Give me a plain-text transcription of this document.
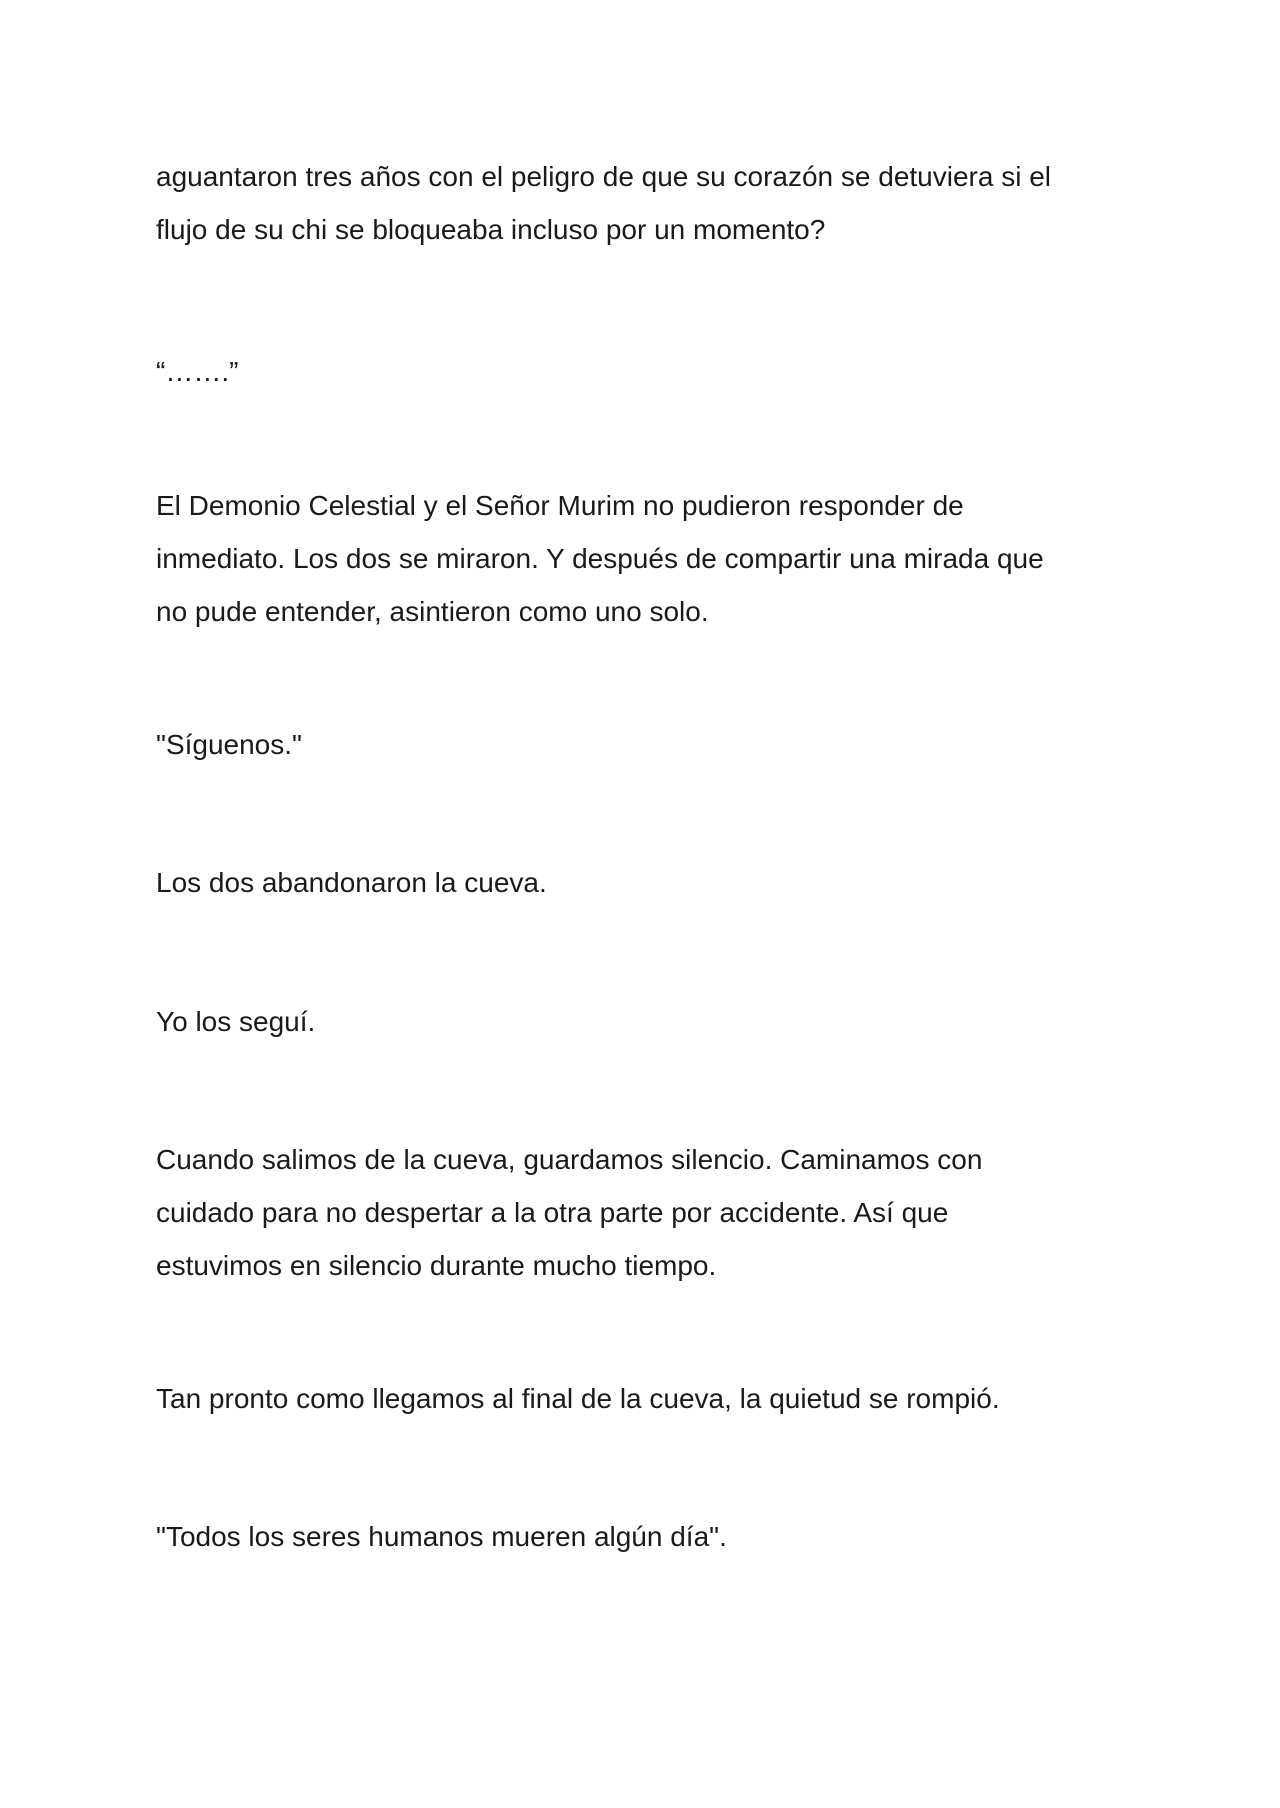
aguantaron tres años con el peligro de que su corazón se detuviera si el
flujo de su chi se bloqueaba incluso por un momento?
“…….”
El Demonio Celestial y el Señor Murim no pudieron responder de
inmediato. Los dos se miraron. Y después de compartir una mirada que
no pude entender, asintieron como uno solo.
"Síguenos."
Los dos abandonaron la cueva.
Yo los seguí.
Cuando salimos de la cueva, guardamos silencio. Caminamos con
cuidado para no despertar a la otra parte por accidente. Así que
estuvimos en silencio durante mucho tiempo.
Tan pronto como llegamos al final de la cueva, la quietud se rompió.
"Todos los seres humanos mueren algún día".
